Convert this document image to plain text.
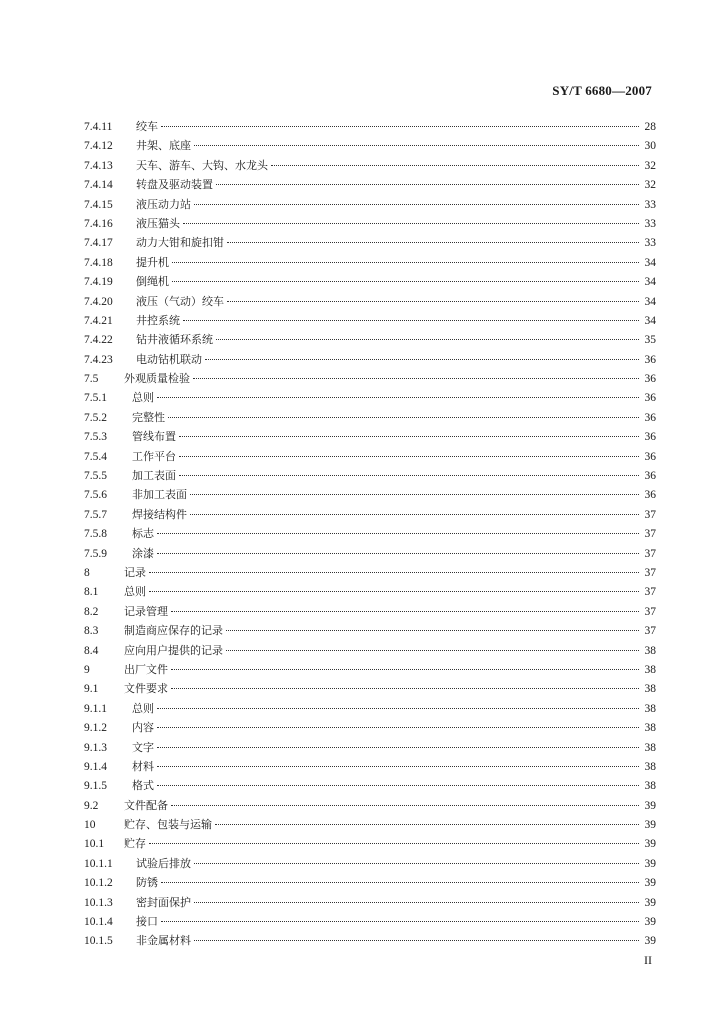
SY/T 6680—2007
7.4.11	绞车	28
7.4.12	井架、底座	30
7.4.13	天车、游车、大钩、水龙头	32
7.4.14	转盘及驱动装置	32
7.4.15	液压动力站	33
7.4.16	液压猫头	33
7.4.17	动力大钳和旋扣钳	33
7.4.18	提升机	34
7.4.19	倒绳机	34
7.4.20	液压（气动）绞车	34
7.4.21	井控系统	34
7.4.22	钻井液循环系统	35
7.4.23	电动钻机联动	36
7.5	外观质量检验	36
7.5.1	总则	36
7.5.2	完整性	36
7.5.3	管线布置	36
7.5.4	工作平台	36
7.5.5	加工表面	36
7.5.6	非加工表面	36
7.5.7	焊接结构件	37
7.5.8	标志	37
7.5.9	涂漆	37
8	记录	37
8.1	总则	37
8.2	记录管理	37
8.3	制造商应保存的记录	37
8.4	应向用户提供的记录	38
9	出厂文件	38
9.1	文件要求	38
9.1.1	总则	38
9.1.2	内容	38
9.1.3	文字	38
9.1.4	材料	38
9.1.5	格式	38
9.2	文件配备	39
10	贮存、包装与运输	39
10.1	贮存	39
10.1.1	试验后排放	39
10.1.2	防锈	39
10.1.3	密封面保护	39
10.1.4	接口	39
10.1.5	非金属材料	39
II
